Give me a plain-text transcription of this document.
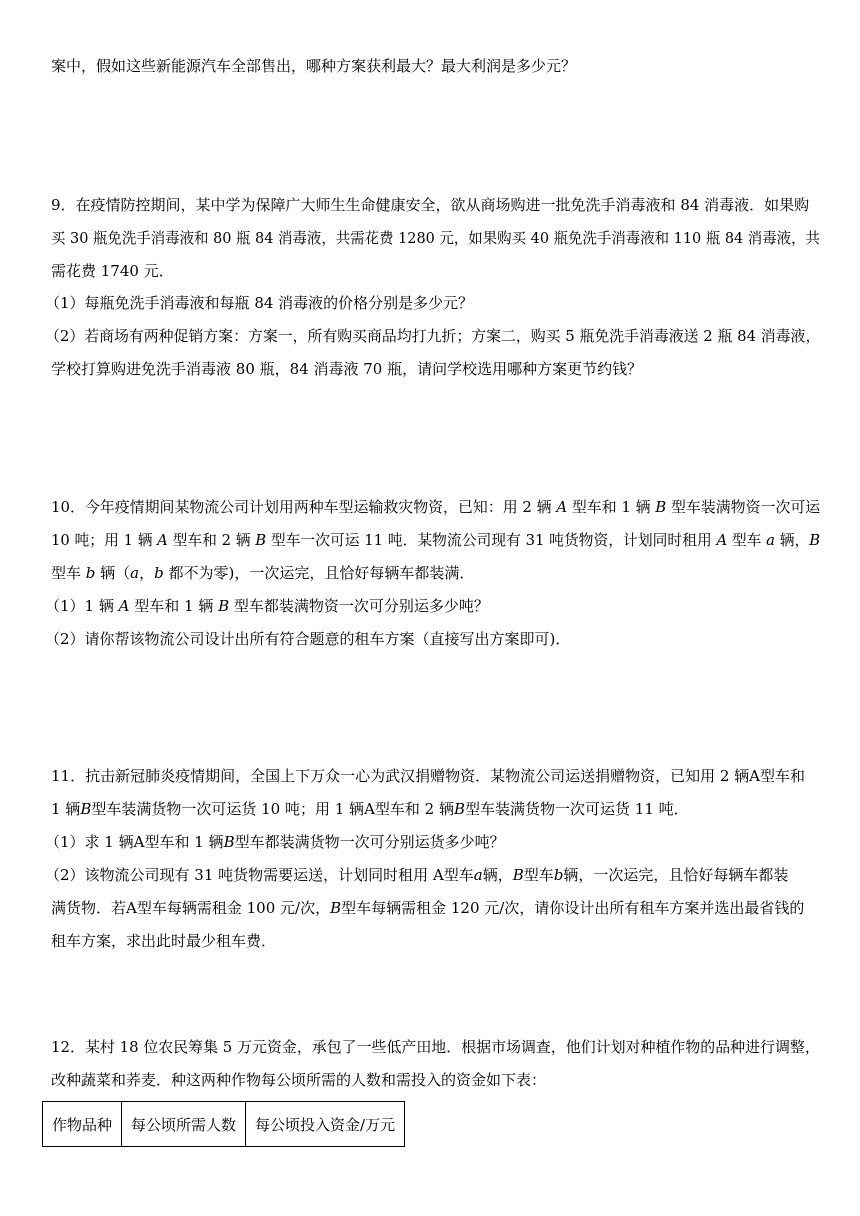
案中，假如这些新能源汽车全部售出，哪种方案获利最大？最大利润是多少元？
9．在疫情防控期间，某中学为保障广大师生生命健康安全，欲从商场购进一批免洗手消毒液和 84 消毒液．如果购
买 30 瓶免洗手消毒液和 80 瓶 84 消毒液，共需花费 1280 元，如果购买 40 瓶免洗手消毒液和 110 瓶 84 消毒液，共
需花费 1740 元．
（1）每瓶免洗手消毒液和每瓶 84 消毒液的价格分别是多少元？
（2）若商场有两种促销方案：方案一，所有购买商品均打九折；方案二，购买 5 瓶免洗手消毒液送 2 瓶 84 消毒液，
学校打算购进免洗手消毒液 80 瓶，84 消毒液 70 瓶，请问学校选用哪种方案更节约钱？
10．今年疫情期间某物流公司计划用两种车型运输救灾物资，已知：用 2 辆 A 型车和 1 辆 B 型车装满物资一次可运
10 吨；用 1 辆 A 型车和 2 辆 B 型车一次可运 11 吨．某物流公司现有 31 吨货物资，计划同时租用 A 型车 a 辆，B
型车 b 辆（a，b 都不为零)，一次运完，且恰好每辆车都装满．
（1）1 辆 A 型车和 1 辆 B 型车都装满物资一次可分别运多少吨？
（2）请你帮该物流公司设计出所有符合题意的租车方案（直接写出方案即可)．
11．抗击新冠肺炎疫情期间，全国上下万众一心为武汉捐赠物资．某物流公司运送捐赠物资，已知用 2 辆A型车和
1 辆B型车装满货物一次可运货 10 吨；用 1 辆A型车和 2 辆B型车装满货物一次可运货 11 吨．
（1）求 1 辆A型车和 1 辆B型车都装满货物一次可分别运货多少吨？
（2）该物流公司现有 31 吨货物需要运送，计划同时租用 A型车a辆，B型车b辆，一次运完，且恰好每辆车都装
满货物．若A型车每辆需租金 100 元/次，B型车每辆需租金 120 元/次，请你设计出所有租车方案并选出最省钱的
租车方案，求出此时最少租车费．
12．某村 18 位农民筹集 5 万元资金，承包了一些低产田地．根据市场调查，他们计划对种植作物的品种进行调整，
改种蔬菜和荞麦．种这两种作物每公顷所需的人数和需投入的资金如下表：
作物品种	每公顷所需人数	每公顷投入资金/万元
